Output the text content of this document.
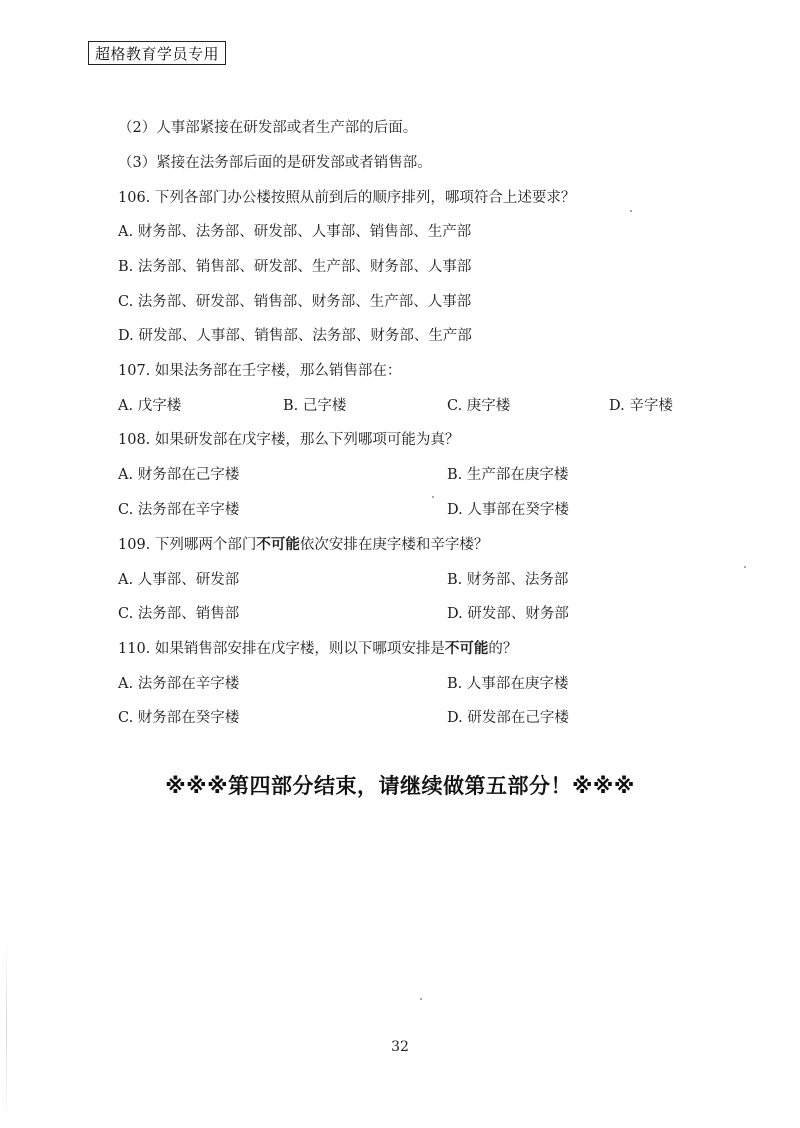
超格教育学员专用
（2）人事部紧接在研发部或者生产部的后面。
（3）紧接在法务部后面的是研发部或者销售部。
106. 下列各部门办公楼按照从前到后的顺序排列，哪项符合上述要求？
A. 财务部、法务部、研发部、人事部、销售部、生产部
B. 法务部、销售部、研发部、生产部、财务部、人事部
C. 法务部、研发部、销售部、财务部、生产部、人事部
D. 研发部、人事部、销售部、法务部、财务部、生产部
107. 如果法务部在壬字楼，那么销售部在：
A. 戊字楼	B. 己字楼	C. 庚字楼	D. 辛字楼
108. 如果研发部在戊字楼，那么下列哪项可能为真？
A. 财务部在己字楼	B. 生产部在庚字楼
C. 法务部在辛字楼	D. 人事部在癸字楼
109. 下列哪两个部门不可能依次安排在庚字楼和辛字楼？
A. 人事部、研发部	B. 财务部、法务部
C. 法务部、销售部	D. 研发部、财务部
110. 如果销售部安排在戊字楼，则以下哪项安排是不可能的？
A. 法务部在辛字楼	B. 人事部在庚字楼
C. 财务部在癸字楼	D. 研发部在己字楼
※※※第四部分结束，请继续做第五部分！※※※
32
